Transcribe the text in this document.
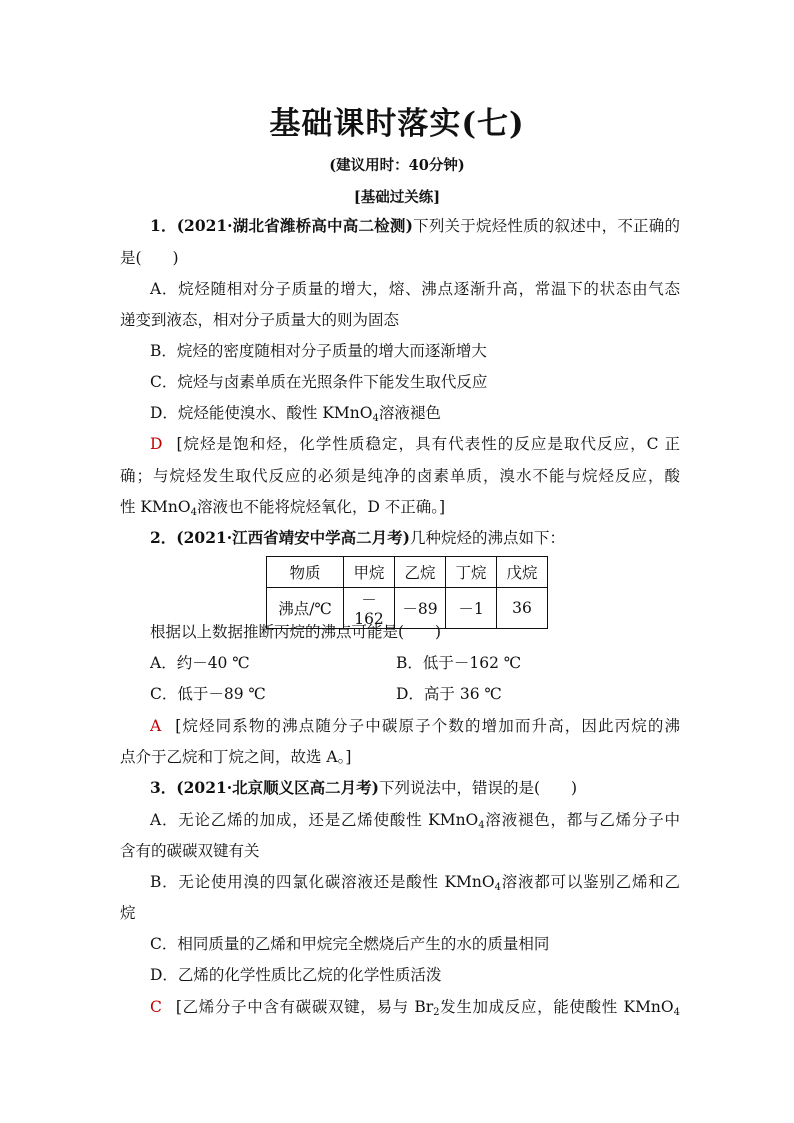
基础课时落实(七)
(建议用时：40分钟)
[基础过关练]
1．(2021·湖北省潍桥高中高二检测)下列关于烷烃性质的叙述中，不正确的
是(　　)
A．烷烃随相对分子质量的增大，熔、沸点逐渐升高，常温下的状态由气态
递变到液态，相对分子质量大的则为固态
B．烷烃的密度随相对分子质量的增大而逐渐增大
C．烷烃与卤素单质在光照条件下能发生取代反应
D．烷烃能使溴水、酸性 KMnO$_4$溶液褪色
D [烷烃是饱和烃，化学性质稳定，具有代表性的反应是取代反应，C 正
确；与烷烃发生取代反应的必须是纯净的卤素单质，溴水不能与烷烃反应，酸
性 KMnO$_4$溶液也不能将烷烃氧化，D 不正确。]
2．(2021·江西省靖安中学高二月考)几种烷烃的沸点如下：
物质	甲烷	乙烷	丁烷	戊烷
沸点/℃	－162	－89	－1	36
根据以上数据推断丙烷的沸点可能是(　　)
A．约－40 ℃	B．低于－162 ℃
C．低于－89 ℃	D．高于 36 ℃
A [烷烃同系物的沸点随分子中碳原子个数的增加而升高，因此丙烷的沸
点介于乙烷和丁烷之间，故选 A。]
3．(2021·北京顺义区高二月考)下列说法中，错误的是(　　)
A．无论乙烯的加成，还是乙烯使酸性 KMnO$_4$溶液褪色，都与乙烯分子中
含有的碳碳双键有关
B．无论使用溴的四氯化碳溶液还是酸性 KMnO$_4$溶液都可以鉴别乙烯和乙
烷
C．相同质量的乙烯和甲烷完全燃烧后产生的水的质量相同
D．乙烯的化学性质比乙烷的化学性质活泼
C [乙烯分子中含有碳碳双键，易与 $Br_2$发生加成反应，能使酸性 KMnO$_4$
